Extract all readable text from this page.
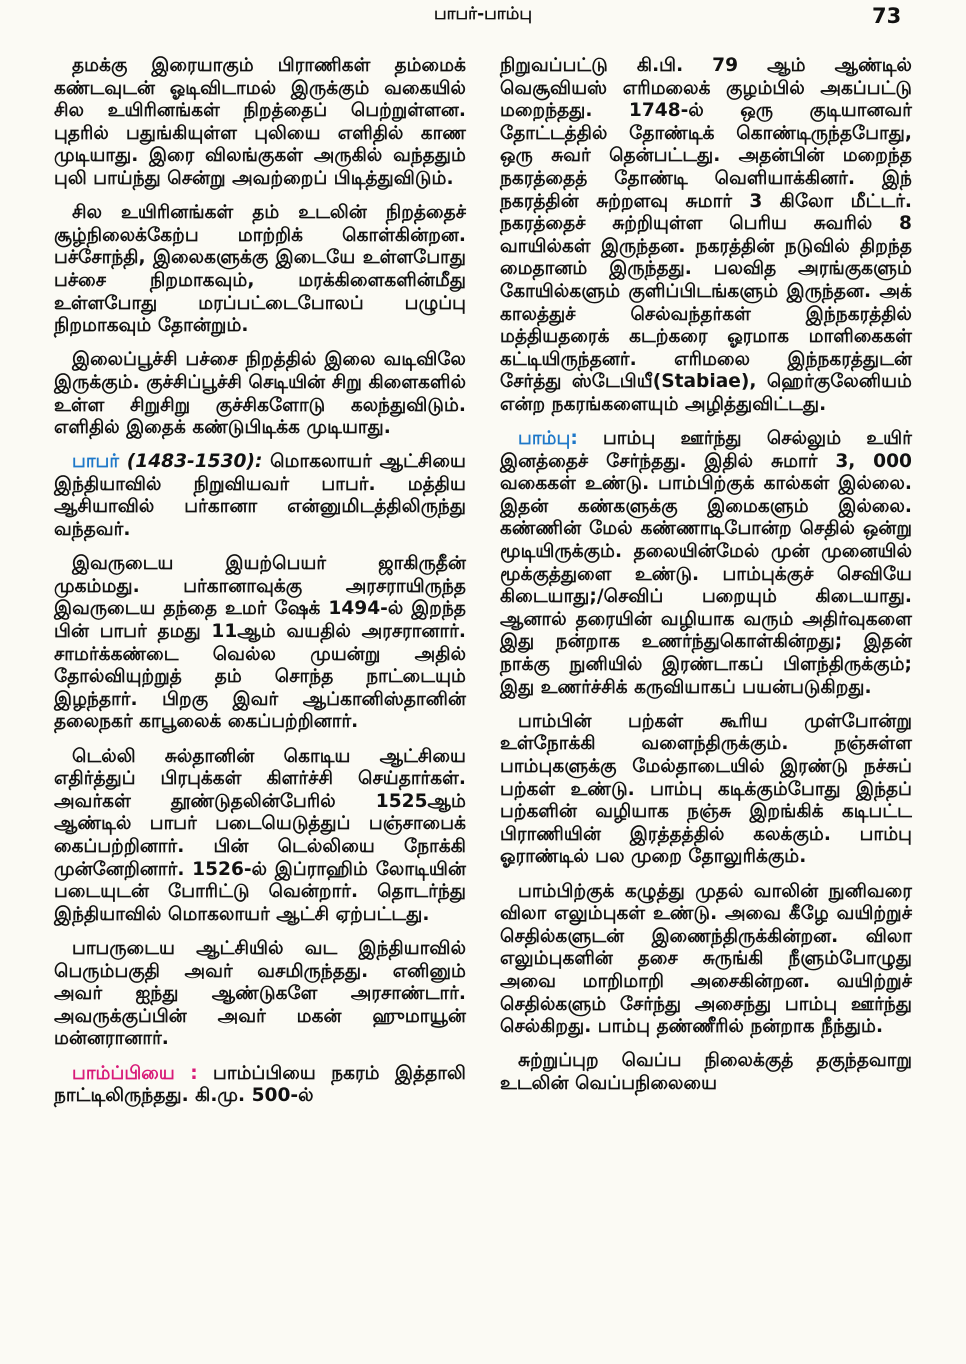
பாபர்-பாம்பு	73

தமக்கு இரையாகும் பிராணிகள் தம்மைக் கண்டவுடன் ஓடிவிடாமல் இருக்கும் வகையில் சில உயிரினங்கள் நிறத்தைப் பெற்றுள்ளன. புதரில் பதுங்கியுள்ள புலியை எளிதில் காண முடியாது. இரை விலங்குகள் அருகில் வந்ததும் புலி பாய்ந்து சென்று அவற்றைப் பிடித்துவிடும்.

சில உயிரினங்கள் தம் உடலின் நிறத்தைச் சூழ்நிலைக்கேற்ப மாற்றிக் கொள்கின்றன. பச்சோந்தி, இலைகளுக்கு இடையே உள்ளபோது பச்சை நிறமாகவும், மரக்கிளைகளின்மீது உள்ளபோது மரப்பட்டைபோலப் பழுப்பு நிறமாகவும் தோன்றும்.

இலைப்பூச்சி பச்சை நிறத்தில் இலை வடிவிலே இருக்கும். குச்சிப்பூச்சி செடியின் சிறு கிளைகளில் உள்ள சிறுசிறு குச்சிகளோடு கலந்துவிடும். எளிதில் இதைக் கண்டுபிடிக்க முடியாது.

பாபர் (1483-1530): மொகலாயர் ஆட்சியை இந்தியாவில் நிறுவியவர் பாபர். மத்திய ஆசியாவில் பர்கானா என்னுமிடத்திலிருந்து வந்தவர்.

இவருடைய இயற்பெயர் ஜாகிருதீன் முகம்மது. பர்கானாவுக்கு அரசராயிருந்த இவருடைய தந்தை உமர் ஷேக் 1494-ல் இறந்த பின் பாபர் தமது 11ஆம் வயதில் அரசரானார். சாமர்க்கண்டை வெல்ல முயன்று அதில் தோல்வியுற்றுத் தம் சொந்த நாட்டையும் இழந்தார். பிறகு இவர் ஆப்கானிஸ்தானின் தலைநகர் காபூலைக் கைப்பற்றினார்.

டெல்லி சுல்தானின் கொடிய ஆட்சியை எதிர்த்துப் பிரபுக்கள் கிளர்ச்சி செய்தார்கள். அவர்கள் தூண்டுதலின்பேரில் 1525ஆம் ஆண்டில் பாபர் படையெடுத்துப் பஞ்சாபைக் கைப்பற்றினார். பின் டெல்லியை நோக்கி முன்னேறினார். 1526-ல் இப்ராஹிம் லோடியின் படையுடன் போரிட்டு வென்றார். தொடர்ந்து இந்தியாவில் மொகலாயர் ஆட்சி ஏற்பட்டது.

பாபருடைய ஆட்சியில் வட இந்தியாவில் பெரும்பகுதி அவர் வசமிருந்தது. எனினும் அவர் ஐந்து ஆண்டுகளே அரசாண்டார். அவருக்குப்பின் அவர் மகன் ஹுமாயூன் மன்னரானார்.

பாம்ப்பியை : பாம்ப்பியை நகரம் இத்தாலி நாட்டிலிருந்தது. கி.மு. 500-ல்

நிறுவப்பட்டு கி.பி. 79 ஆம் ஆண்டில் வெசூவியஸ் எரிமலைக் குழம்பில் அகப்பட்டு மறைந்தது. 1748-ல் ஒரு குடியானவர் தோட்டத்தில் தோண்டிக் கொண்டிருந்தபோது, ஒரு சுவர் தென்பட்டது. அதன்பின் மறைந்த நகரத்தைத் தோண்டி வெளியாக்கினர். இந் நகரத்தின் சுற்றளவு சுமார் 3 கிலோ மீட்டர். நகரத்தைச் சுற்றியுள்ள பெரிய சுவரில் 8 வாயில்கள் இருந்தன. நகரத்தின் நடுவில் திறந்த மைதானம் இருந்தது. பலவித அரங்குகளும் கோயில்களும் குளிப்பிடங்களும் இருந்தன. அக் காலத்துச் செல்வந்தர்கள் இந்நகரத்தில் மத்தியதரைக் கடற்கரை ஓரமாக மாளிகைகள் கட்டியிருந்தனர். எரிமலை இந்நகரத்துடன் சேர்த்து ஸ்டேபியீ(Stabiae), ஹெர்குலேனியம் என்ற நகரங்களையும் அழித்துவிட்டது.

பாம்பு: பாம்பு ஊர்ந்து செல்லும் உயிர் இனத்தைச் சேர்ந்தது. இதில் சுமார் 3, 000 வகைகள் உண்டு. பாம்பிற்குக் கால்கள் இல்லை. இதன் கண்களுக்கு இமைகளும் இல்லை. கண்ணின் மேல் கண்ணாடிபோன்ற செதில் ஒன்று மூடியிருக்கும். தலையின்மேல் முன் முனையில் மூக்குத்துளை உண்டு. பாம்புக்குச் செவியே கிடையாது;/செவிப் பறையும் கிடையாது. ஆனால் தரையின் வழியாக வரும் அதிர்வுகளை இது நன்றாக உணர்ந்துகொள்கின்றது; இதன் நாக்கு நுனியில் இரண்டாகப் பிளந்திருக்கும்; இது உணர்ச்சிக் கருவியாகப் பயன்படுகிறது.

பாம்பின் பற்கள் கூரிய முள்போன்று உள்நோக்கி வளைந்திருக்கும். நஞ்சுள்ள பாம்புகளுக்கு மேல்தாடையில் இரண்டு நச்சுப் பற்கள் உண்டு. பாம்பு கடிக்கும்போது இந்தப் பற்களின் வழியாக நஞ்சு இறங்கிக் கடிபட்ட பிராணியின் இரத்தத்தில் கலக்கும். பாம்பு ஓராண்டில் பல முறை தோலுரிக்கும்.

பாம்பிற்குக் கழுத்து முதல் வாலின் நுனிவரை விலா எலும்புகள் உண்டு. அவை கீழே வயிற்றுச் செதில்களுடன் இணைந்திருக்கின்றன. விலா எலும்புகளின் தசை சுருங்கி நீளும்போழுது அவை மாறிமாறி அசைகின்றன. வயிற்றுச் செதில்களும் சேர்ந்து அசைந்து பாம்பு ஊர்ந்து செல்கிறது. பாம்பு தண்ணீரில் நன்றாக நீந்தும்.

சுற்றுப்புற வெப்ப நிலைக்குத் தகுந்தவாறு உடலின் வெப்பநிலையை
